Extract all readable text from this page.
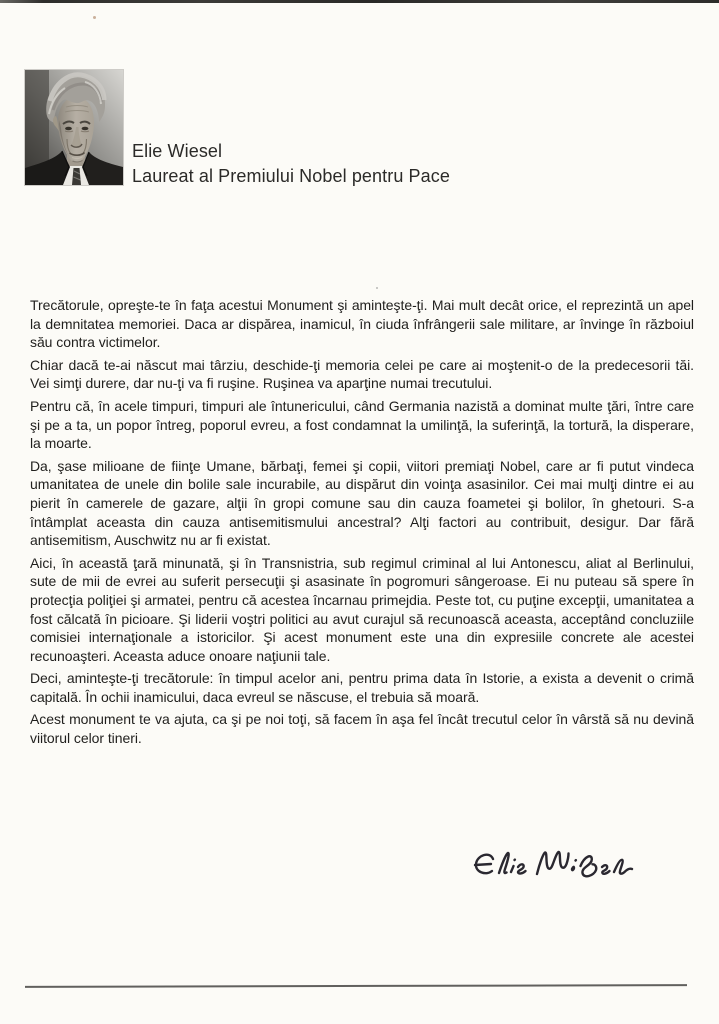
Elie Wiesel
Laureat al Premiului Nobel pentru Pace

Trecătorule, opreşte-te în faţa acestui Monument şi aminteşte-ţi. Mai mult decât orice, el reprezintă un apel la demnitatea memoriei. Daca ar dispărea, inamicul, în ciuda înfrângerii sale militare, ar învinge în războiul său contra victimelor.

Chiar dacă te-ai născut mai târziu, deschide-ţi memoria celei pe care ai moştenit-o de la predecesorii tăi. Vei simţi durere, dar nu-ţi va fi ruşine. Ruşinea va aparţine numai trecutului.

Pentru că, în acele timpuri, timpuri ale întunericului, când Germania nazistă a dominat multe ţări, între care şi pe a ta, un popor întreg, poporul evreu, a fost condamnat la umilinţă, la suferinţă, la tortură, la disperare, la moarte.

Da, şase milioane de fiinţe Umane, bărbaţi, femei şi copii, viitori premiaţi Nobel, care ar fi putut vindeca umanitatea de unele din bolile sale incurabile, au dispărut din voinţa asasinilor. Cei mai mulţi dintre ei au pierit în camerele de gazare, alţii în gropi comune sau din cauza foametei şi bolilor, în ghetouri. S-a întâmplat aceasta din cauza antisemitismului ancestral? Alţi factori au contribuit, desigur. Dar fără antisemitism, Auschwitz nu ar fi existat.

Aici, în această ţară minunată, şi în Transnistria, sub regimul criminal al lui Antonescu, aliat al Berlinului, sute de mii de evrei au suferit persecuţii şi asasinate în pogromuri sângeroase. Ei nu puteau să spere în protecţia poliţiei şi armatei, pentru că acestea încarnau primejdia. Peste tot, cu puţine excepţii, umanitatea a fost călcată în picioare. Şi liderii voştri politici au avut curajul să recunoască aceasta, acceptând concluziile comisiei internaţionale a istoricilor. Şi acest monument este una din expresiile concrete ale acestei recunoaşteri. Aceasta aduce onoare naţiunii tale.

Deci, aminteşte-ţi trecătorule: în timpul acelor ani, pentru prima data în Istorie, a exista a devenit o crimă capitală. În ochii inamicului, daca evreul se născuse, el trebuia să moară.

Acest monument te va ajuta, ca şi pe noi toţi, să facem în aşa fel încât trecutul celor în vârstă să nu devină viitorul celor tineri.
